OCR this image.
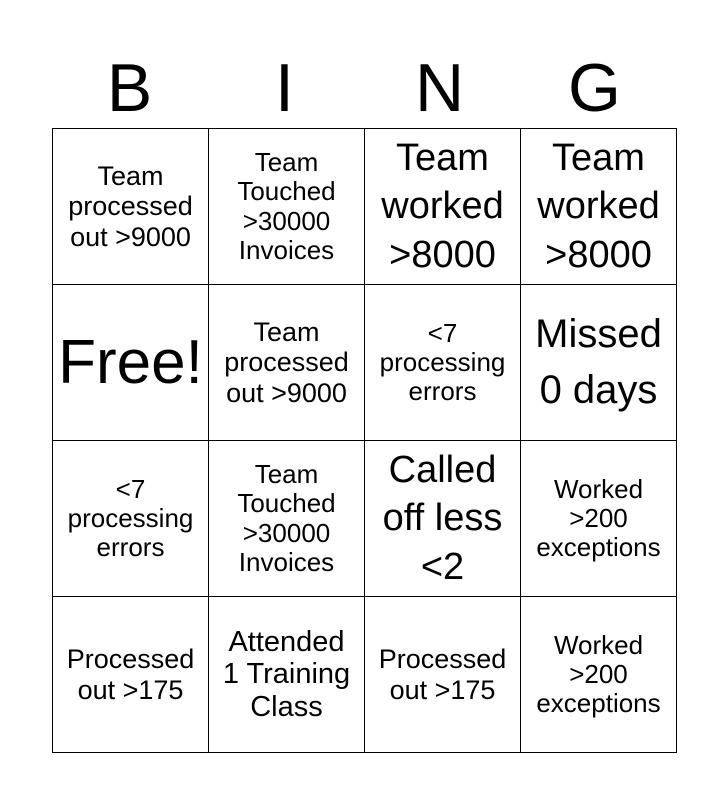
B	I	N	G
Team
processed
out >9000	Team
Touched
>30000
Invoices	Team
worked
>8000	Team
worked
>8000

Free!	Team
processed
out >9000	<7
processing
errors	Missed
0 days

<7
processing
errors	Team
Touched
>30000
Invoices	Called
off less
<2	Worked
>200
exceptions

Processed
out >175	Attended
1 Training
Class	Processed
out >175	Worked
>200
exceptions
